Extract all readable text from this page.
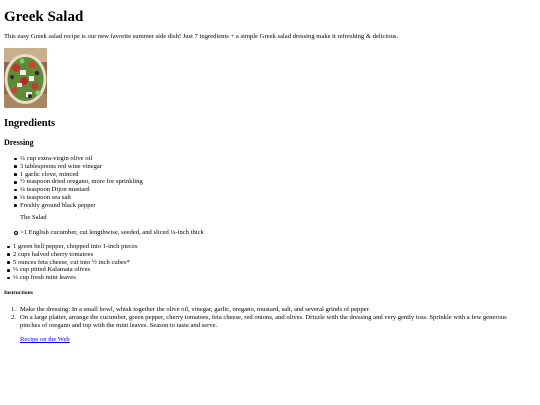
Greek Salad

This easy Greek salad recipe is our new favorite summer side dish! Just 7 ingredients + a simple Greek salad dressing make it refreshing & delicious.

Ingredients
Dressing
¼ cup extra-virgin olive oil
3 tablespoons red wine vinegar
1 garlic clove, minced
½ teaspoon dried oregano, more for sprinkling
¼ teaspoon Dijon mustard
¼ teaspoon sea salt
Freshly ground black pepper
The Salad
>1 English cucumber, cut lengthwise, seeded, and sliced ¼-inch thick
1 green bell pepper, chopped into 1-inch pieces
2 cups halved cherry tomatoes
5 ounces feta cheese, cut into ½ inch cubes*
⅓ cup pitted Kalamata olives
¼ cup fresh mint leaves
Instructions
1. Make the dressing: In a small bowl, whisk together the olive oil, vinegar, garlic, oregano, mustard, salt, and several grinds of pepper.
2. On a large platter, arrange the cucumber, green pepper, cherry tomatoes, feta cheese, red onions, and olives. Drizzle with the dressing and very gently toss. Sprinkle with a few generous pinches of oregano and top with the mint leaves. Season to taste and serve.
Recipe on the Web
